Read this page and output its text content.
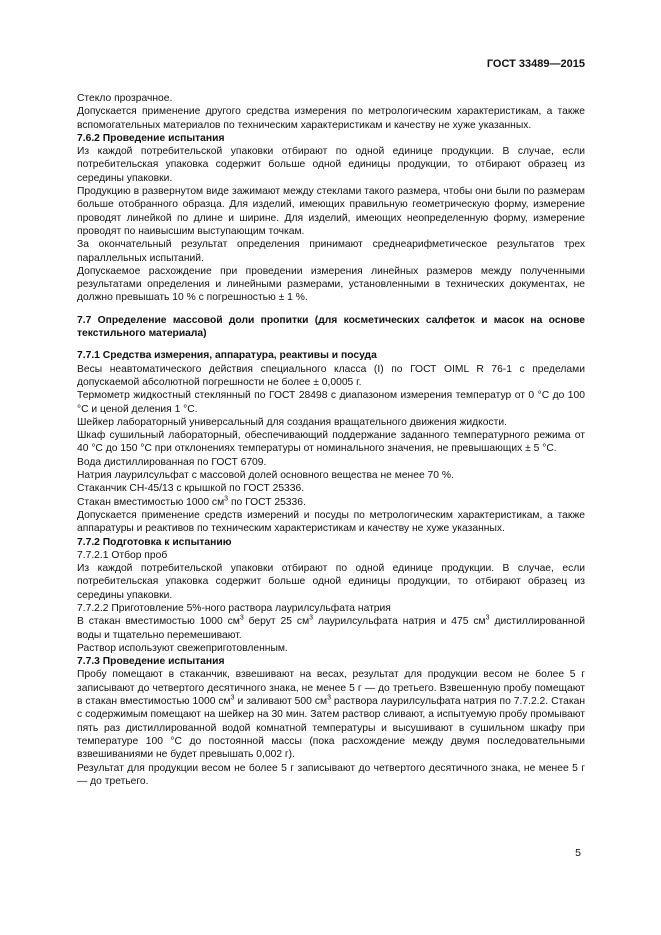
ГОСТ 33489—2015

Стекло прозрачное.

Допускается применение другого средства измерения по метрологическим характеристикам, а также вспомогательных материалов по техническим характеристикам и качеству не хуже указанных.

7.6.2 Проведение испытания

Из каждой потребительской упаковки отбирают по одной единице продукции. В случае, если потребительская упаковка содержит больше одной единицы продукции, то отбирают образец из середины упаковки.

Продукцию в развернутом виде зажимают между стеклами такого размера, чтобы они были по размерам больше отобранного образца. Для изделий, имеющих правильную геометрическую форму, измерение проводят линейкой по длине и ширине. Для изделий, имеющих неопределенную форму, измерение проводят по наивысшим выступающим точкам.

За окончательный результат определения принимают среднеарифметическое результатов трех параллельных испытаний.

Допускаемое расхождение при проведении измерения линейных размеров между полученными результатами определения и линейными размерами, установленными в технических документах, не должно превышать 10 % с погрешностью ± 1 %.

7.7 Определение массовой доли пропитки (для косметических салфеток и масок на основе текстильного материала)

7.7.1 Средства измерения, аппаратура, реактивы и посуда

Весы неавтоматического действия специального класса (I) по ГОСТ OIML R 76-1 с пределами допускаемой абсолютной погрешности не более ± 0,0005 г.

Термометр жидкостный стеклянный по ГОСТ 28498 с диапазоном измерения температур от 0 °С до 100 °С и ценой деления 1 °С.

Шейкер лабораторный универсальный для создания вращательного движения жидкости.

Шкаф сушильный лабораторный, обеспечивающий поддержание заданного температурного режима от 40 °С до 150 °С при отклонениях температуры от номинального значения, не превышающих ± 5 °С.

Вода дистиллированная по ГОСТ 6709.

Натрия лаурилсульфат с массовой долей основного вещества не менее 70 %.

Стаканчик СН-45/13 с крышкой по ГОСТ 25336.

Стакан вместимостью 1000 $см^3$ по ГОСТ 25336.

Допускается применение средств измерений и посуды по метрологическим характеристикам, а также аппаратуры и реактивов по техническим характеристикам и качеству не хуже указанных.

7.7.2 Подготовка к испытанию

7.7.2.1 Отбор проб

Из каждой потребительской упаковки отбирают по одной единице продукции. В случае, если потребительская упаковка содержит больше одной единицы продукции, то отбирают образец из середины упаковки.

7.7.2.2 Приготовление 5%-ного раствора лаурилсульфата натрия

В стакан вместимостью 1000 $см^3$ берут 25 $см^3$ лаурилсульфата натрия и 475 $см^3$ дистиллированной воды и тщательно перемешивают.

Раствор используют свежеприготовленным.

7.7.3 Проведение испытания

Пробу помещают в стаканчик, взвешивают на весах, результат для продукции весом не более 5 г записывают до четвертого десятичного знака, не менее 5 г — до третьего. Взвешенную пробу помещают в стакан вместимостью 1000 $см^3$ и заливают 500 $см^3$ раствора лаурилсульфата натрия по 7.7.2.2. Стакан с содержимым помещают на шейкер на 30 мин. Затем раствор сливают, а испытуемую пробу промывают пять раз дистиллированной водой комнатной температуры и высушивают в сушильном шкафу при температуре 100 °С до постоянной массы (пока расхождение между двумя последовательными взвешиваниями не будет превышать 0,002 г).

Результат для продукции весом не более 5 г записывают до четвертого десятичного знака, не менее 5 г — до третьего.

5
